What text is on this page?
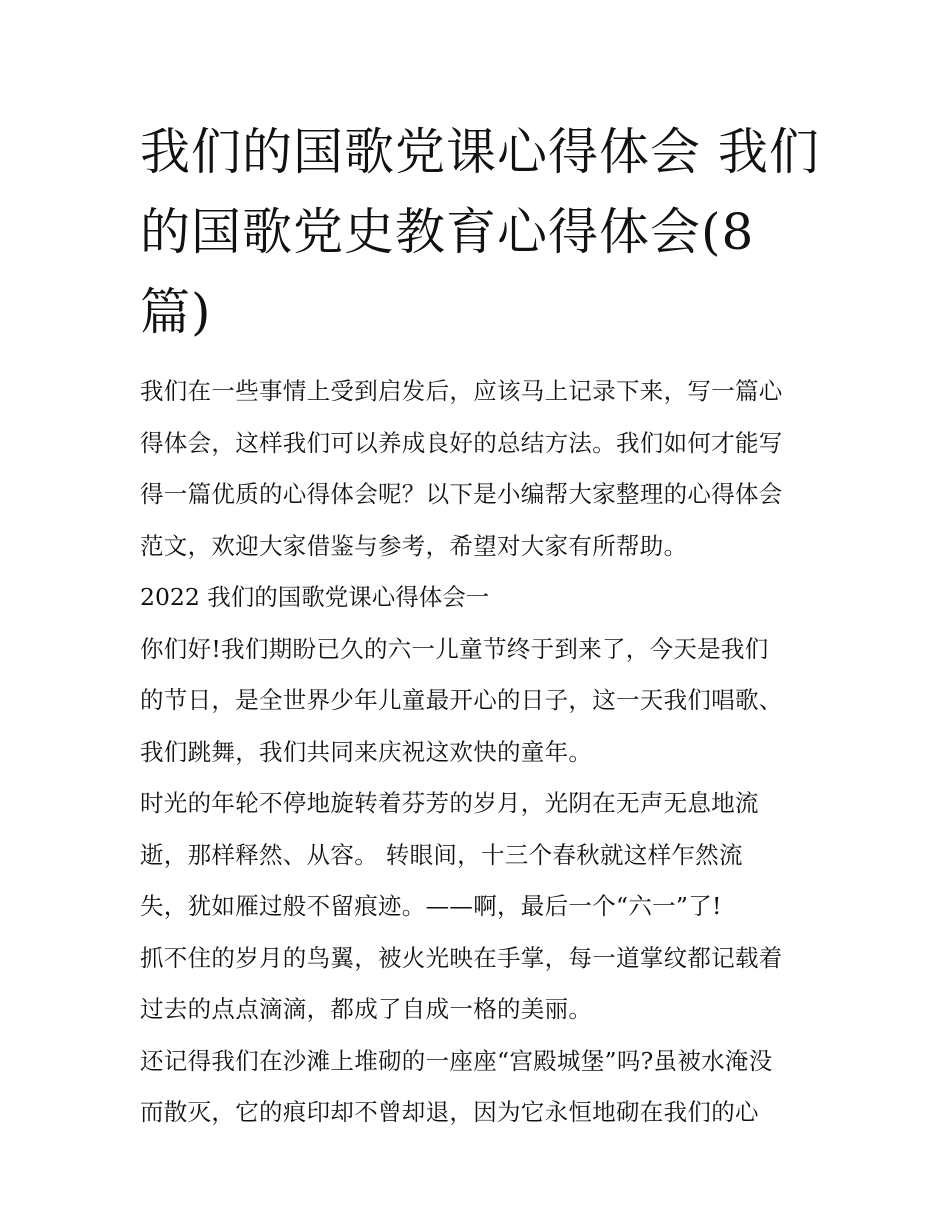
我们的国歌党课心得体会 我们
的国歌党史教育心得体会(8
篇)

我们在一些事情上受到启发后，应该马上记录下来，写一篇心
得体会，这样我们可以养成良好的总结方法。我们如何才能写
得一篇优质的心得体会呢？以下是小编帮大家整理的心得体会
范文，欢迎大家借鉴与参考，希望对大家有所帮助。

2022 我们的国歌党课心得体会一

你们好!我们期盼已久的六一儿童节终于到来了，今天是我们
的节日，是全世界少年儿童最开心的日子，这一天我们唱歌、
我们跳舞，我们共同来庆祝这欢快的童年。

时光的年轮不停地旋转着芬芳的岁月，光阴在无声无息地流
逝，那样释然、从容。 转眼间，十三个春秋就这样乍然流
失，犹如雁过般不留痕迹。——啊，最后一个“六一”了!

抓不住的岁月的鸟翼，被火光映在手掌，每一道掌纹都记载着
过去的点点滴滴，都成了自成一格的美丽。

还记得我们在沙滩上堆砌的一座座“宫殿城堡”吗?虽被水淹没
而散灭，它的痕印却不曾却退，因为它永恒地砌在我们的心
